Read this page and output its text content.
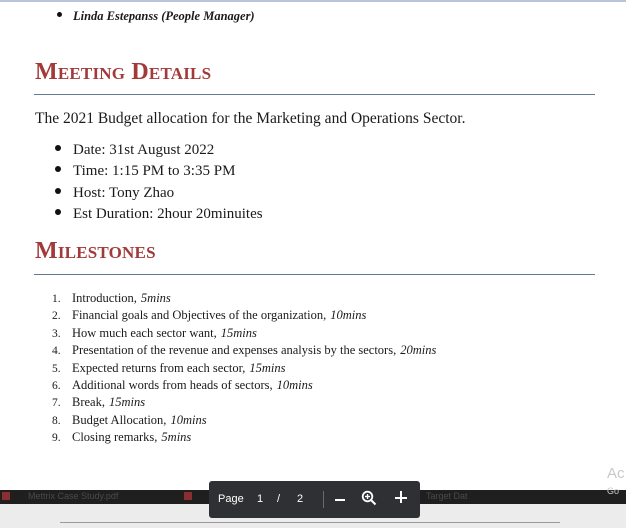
Linda Estepanss (People Manager)
Meeting Details
The 2021 Budget allocation for the Marketing and Operations Sector.
Date: 31st August 2022
Time: 1:15 PM to 3:35 PM
Host: Tony Zhao
Est Duration: 2hour 20minuites
Milestones
1. Introduction, 5mins
2. Financial goals and Objectives of the organization, 10mins
3. How much each sector want, 15mins
4. Presentation of the revenue and expenses analysis by the sectors, 20mins
5. Expected returns from each sector, 15mins
6. Additional words from heads of sectors, 10mins
7. Break, 15mins
8. Budget Allocation, 10mins
9. Closing remarks, 5mins
Mettrix Case Study.pdf	Target Dat
Ac
Go
Page 1 / 2
